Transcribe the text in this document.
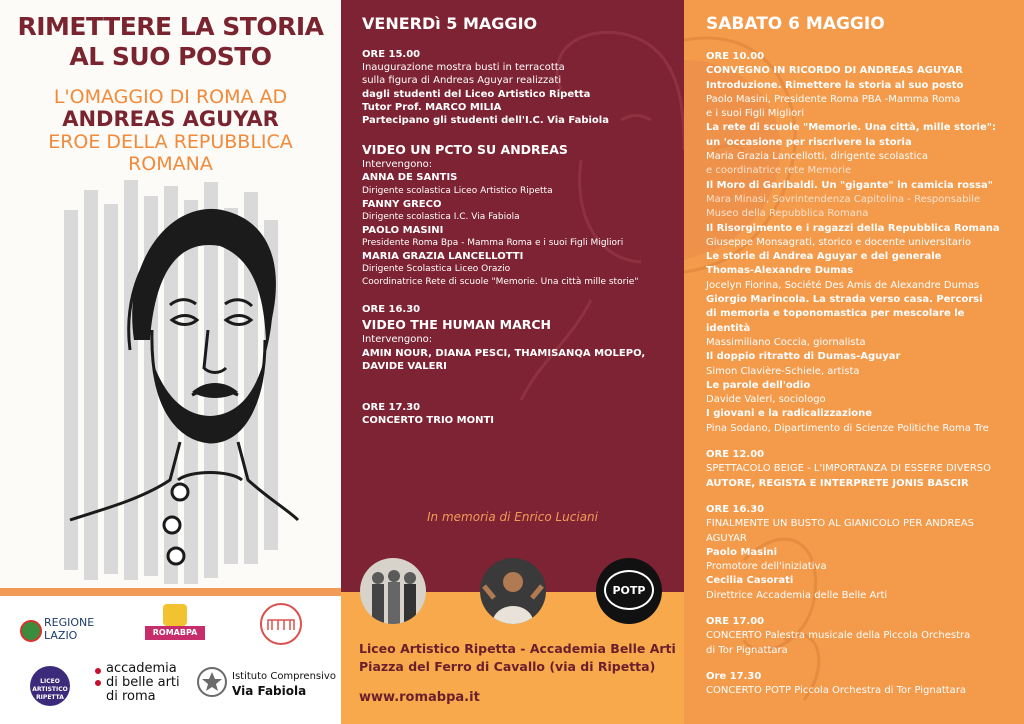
RIMETTERE LA STORIA
AL SUO POSTO
L'OMAGGIO DI ROMA AD
ANDREAS AGUYAR
EROE DELLA REPUBBLICA
ROMANA
REGIONE
LAZIO	ROMABPA
LICEO ARTISTICO RIPETTA
accademia
di belle arti
di roma
Istituto Comprensivo
Via Fabiola
VENERDì 5 MAGGIO
ORE 15.00
Inaugurazione mostra busti in terracotta
sulla figura di Andreas Aguyar realizzati
dagli studenti del Liceo Artistico Ripetta
Tutor Prof. MARCO MILIA
Partecipano gli studenti dell'I.C. Via Fabiola
VIDEO UN PCTO SU ANDREAS
Intervengono:
ANNA DE SANTIS
Dirigente scolastica Liceo Artistico Ripetta
FANNY GRECO
Dirigente scolastica I.C. Via Fabiola
PAOLO MASINI
Presidente Roma Bpa - Mamma Roma e i suoi Figli Migliori
MARIA GRAZIA LANCELLOTTI
Dirigente Scolastica Liceo Orazio
Coordinatrice Rete di scuole "Memorie. Una città mille storie"
ORE 16.30
VIDEO THE HUMAN MARCH
Intervengono:
AMIN NOUR, DIANA PESCI, THAMISANQA MOLEPO,
DAVIDE VALERI
ORE 17.30
CONCERTO TRIO MONTI
In memoria di Enrico Luciani
POTP
Liceo Artistico Ripetta - Accademia Belle Arti
Piazza del Ferro di Cavallo (via di Ripetta)
www.romabpa.it
SABATO 6 MAGGIO
ORE 10.00
CONVEGNO IN RICORDO DI ANDREAS AGUYAR
Introduzione. Rimettere la storia al suo posto
Paolo Masini, Presidente Roma PBA -Mamma Roma
e i suoi Figli Migliori
La rete di scuole "Memorie. Una città, mille storie":
un 'occasione per riscrivere la storia
Maria Grazia Lancellotti, dirigente scolastica
e coordinatrice rete Memorie
Il Moro di Garibaldi. Un "gigante" in camicia rossa"
Mara Minasi, Sovrintendenza Capitolina - Responsabile
Museo della Repubblica Romana
Il Risorgimento e i ragazzi della Repubblica Romana
Giuseppe Monsagrati, storico e docente universitario
Le storie di Andrea Aguyar e del generale
Thomas-Alexandre Dumas
Jocelyn Fiorina, Société Des Amis de Alexandre Dumas
Giorgio Marincola. La strada verso casa. Percorsi
di memoria e toponomastica per mescolare le identità
Massimiliano Coccia, giornalista
Il doppio ritratto di Dumas-Aguyar
Simon Clavière-Schiele, artista
Le parole dell'odio
Davide Valeri, sociologo
I giovani e la radicalizzazione
Pina Sodano, Dipartimento di Scienze Politiche Roma Tre
ORE 12.00
SPETTACOLO BEIGE - L'IMPORTANZA DI ESSERE DIVERSO
AUTORE, REGISTA E INTERPRETE JONIS BASCIR
ORE 16.30
FINALMENTE UN BUSTO AL GIANICOLO PER ANDREAS
AGUYAR
Paolo Masini
Promotore dell'iniziativa
Cecilia Casorati
Direttrice Accademia delle Belle Arti
ORE 17.00
CONCERTO Palestra musicale della Piccola Orchestra
di Tor Pignattara
Ore 17.30
CONCERTO POTP Piccola Orchestra di Tor Pignattara
